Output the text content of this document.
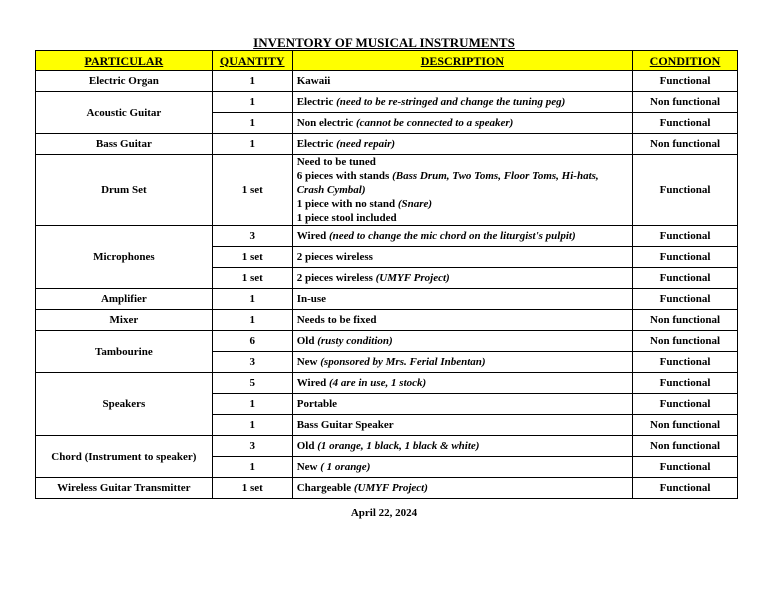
INVENTORY OF MUSICAL INSTRUMENTS
PARTICULAR	QUANTITY	DESCRIPTION	CONDITION
Electric Organ	1	Kawaii	Functional
Acoustic Guitar	1	Electric (need to be re-stringed and change the tuning peg)	Non functional
	1	Non electric (cannot be connected to a speaker)	Functional
Bass Guitar	1	Electric (need repair)	Non functional
Drum Set	1 set	Need to be tuned
6 pieces with stands (Bass Drum, Two Toms, Floor Toms, Hi-hats, Crash Cymbal)
1 piece with no stand (Snare)
1 piece stool included	Functional
Microphones	3	Wired (need to change the mic chord on the liturgist's pulpit)	Functional
	1 set	2 pieces wireless	Functional
	1 set	2 pieces wireless (UMYF Project)	Functional
Amplifier	1	In-use	Functional
Mixer	1	Needs to be fixed	Non functional
Tambourine	6	Old (rusty condition)	Non functional
	3	New (sponsored by Mrs. Ferial Inbentan)	Functional
Speakers	5	Wired (4 are in use, 1 stock)	Functional
	1	Portable	Functional
	1	Bass Guitar Speaker	Non functional
Chord (Instrument to speaker)	3	Old (1 orange, 1 black, 1 black & white)	Non functional
	1	New ( 1 orange)	Functional
Wireless Guitar Transmitter	1 set	Chargeable (UMYF Project)	Functional
April 22, 2024
